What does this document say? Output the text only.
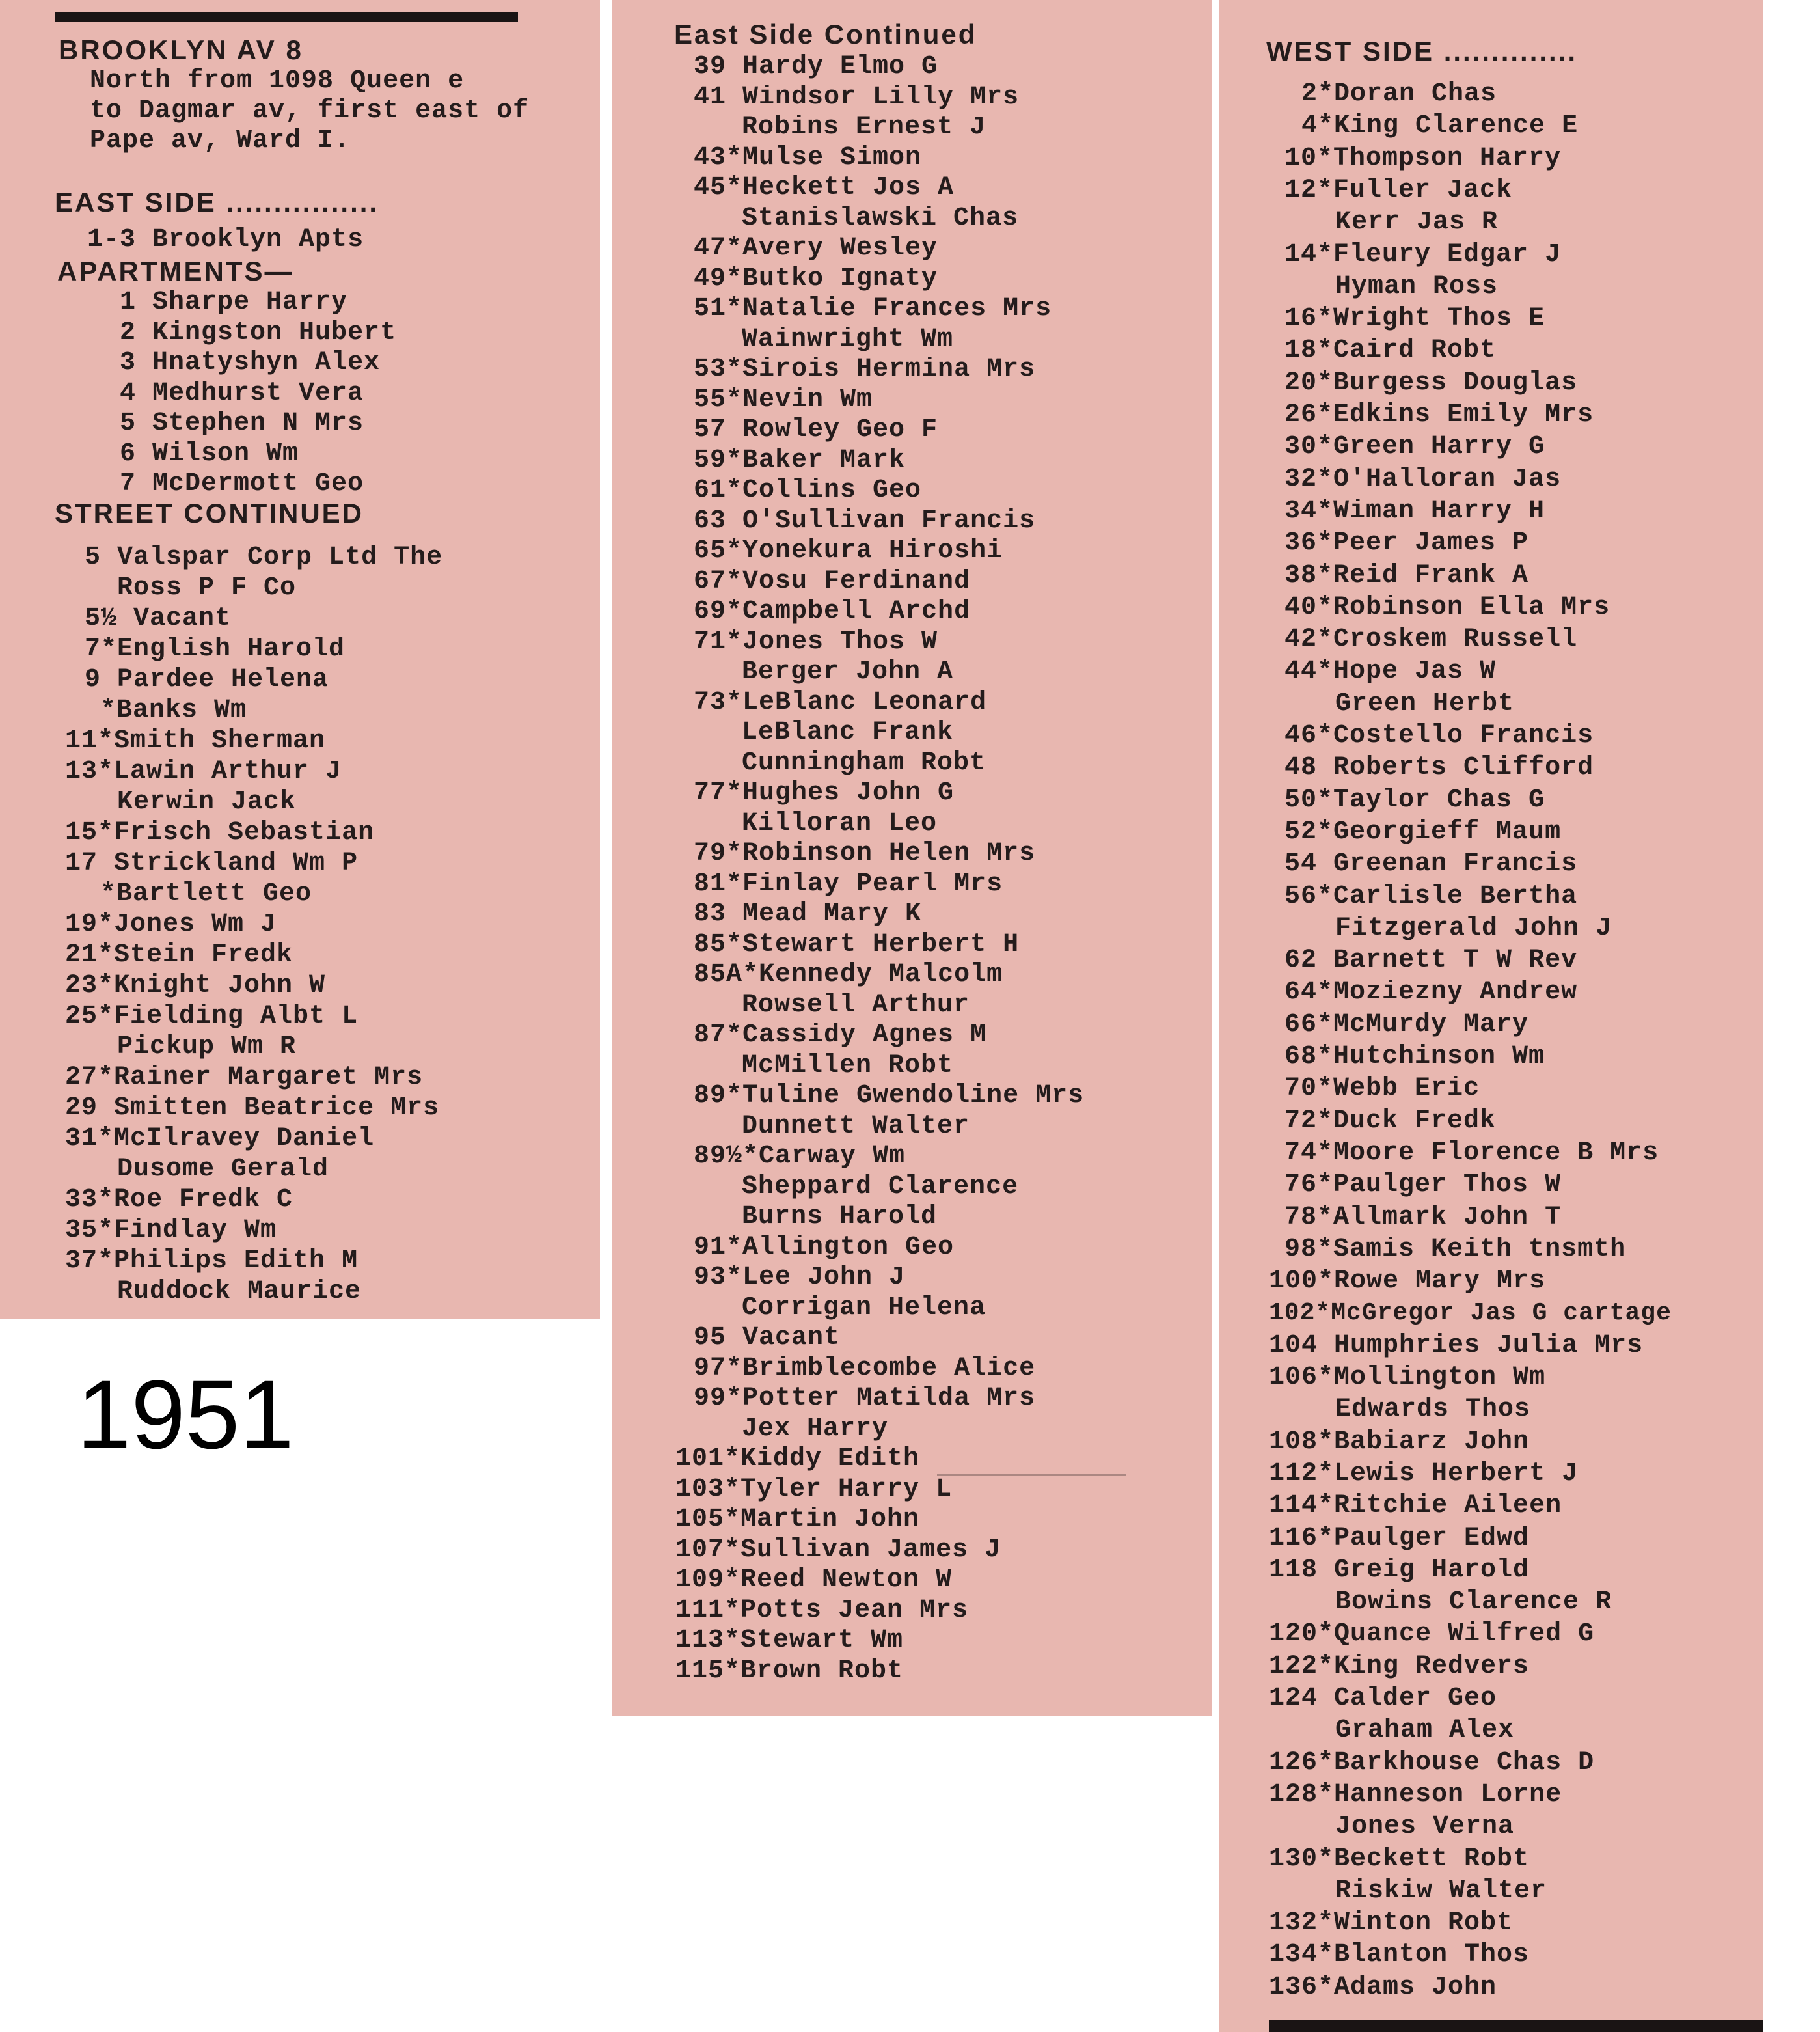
1951
BROOKLYN AV 8
North from 1098 Queen e
to Dagmar av, first east of
Pape av, Ward I.
EAST SIDE ................
1-3 Brooklyn Apts
APARTMENTS—
1 Sharpe Harry
2 Kingston Hubert
3 Hnatyshyn Alex
4 Medhurst Vera
5 Stephen N Mrs
6 Wilson Wm
7 McDermott Geo
STREET CONTINUED
5 Valspar Corp Ltd The
Ross P F Co
5½ Vacant
7*English Harold
9 Pardee Helena
*Banks Wm
11*Smith Sherman
13*Lawin Arthur J
Kerwin Jack
15*Frisch Sebastian
17 Strickland Wm P
*Bartlett Geo
19*Jones Wm J
21*Stein Fredk
23*Knight John W
25*Fielding Albt L
Pickup Wm R
27*Rainer Margaret Mrs
29 Smitten Beatrice Mrs
31*McIlravey Daniel
Dusome Gerald
33*Roe Fredk C
35*Findlay Wm
37*Philips Edith M
Ruddock Maurice
East Side Continued
39 Hardy Elmo G
41 Windsor Lilly Mrs
Robins Ernest J
43*Mulse Simon
45*Heckett Jos A
Stanislawski Chas
47*Avery Wesley
49*Butko Ignaty
51*Natalie Frances Mrs
Wainwright Wm
53*Sirois Hermina Mrs
55*Nevin Wm
57 Rowley Geo F
59*Baker Mark
61*Collins Geo
63 O'Sullivan Francis
65*Yonekura Hiroshi
67*Vosu Ferdinand
69*Campbell Archd
71*Jones Thos W
Berger John A
73*LeBlanc Leonard
LeBlanc Frank
Cunningham Robt
77*Hughes John G
Killoran Leo
79*Robinson Helen Mrs
81*Finlay Pearl Mrs
83 Mead Mary K
85*Stewart Herbert H
85A*Kennedy Malcolm
Rowsell Arthur
87*Cassidy Agnes M
McMillen Robt
89*Tuline Gwendoline Mrs
Dunnett Walter
89½*Carway Wm
Sheppard Clarence
Burns Harold
91*Allington Geo
93*Lee John J
Corrigan Helena
95 Vacant
97*Brimblecombe Alice
99*Potter Matilda Mrs
Jex Harry
101*Kiddy Edith
103*Tyler Harry L
105*Martin John
107*Sullivan James J
109*Reed Newton W
111*Potts Jean Mrs
113*Stewart Wm
115*Brown Robt
WEST SIDE ..............
2*Doran Chas
4*King Clarence E
10*Thompson Harry
12*Fuller Jack
Kerr Jas R
14*Fleury Edgar J
Hyman Ross
16*Wright Thos E
18*Caird Robt
20*Burgess Douglas
26*Edkins Emily Mrs
30*Green Harry G
32*O'Halloran Jas
34*Wiman Harry H
36*Peer James P
38*Reid Frank A
40*Robinson Ella Mrs
42*Croskem Russell
44*Hope Jas W
Green Herbt
46*Costello Francis
48 Roberts Clifford
50*Taylor Chas G
52*Georgieff Maum
54 Greenan Francis
56*Carlisle Bertha
Fitzgerald John J
62 Barnett T W Rev
64*Moziezny Andrew
66*McMurdy Mary
68*Hutchinson Wm
70*Webb Eric
72*Duck Fredk
74*Moore Florence B Mrs
76*Paulger Thos W
78*Allmark John T
98*Samis Keith tnsmth
100*Rowe Mary Mrs
102*McGregor Jas G cartage
104 Humphries Julia Mrs
106*Mollington Wm
Edwards Thos
108*Babiarz John
112*Lewis Herbert J
114*Ritchie Aileen
116*Paulger Edwd
118 Greig Harold
Bowins Clarence R
120*Quance Wilfred G
122*King Redvers
124 Calder Geo
Graham Alex
126*Barkhouse Chas D
128*Hanneson Lorne
Jones Verna
130*Beckett Robt
Riskiw Walter
132*Winton Robt
134*Blanton Thos
136*Adams John
